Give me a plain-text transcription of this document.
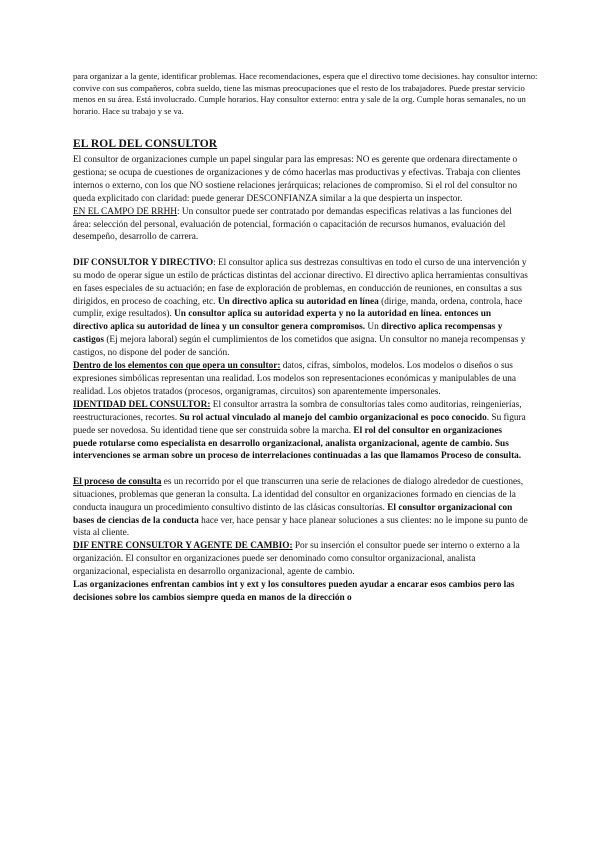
para organizar a la gente, identificar problemas. Hace recomendaciones, espera que el directivo tome decisiones. hay consultor interno: convive con sus compañeros, cobra sueldo, tiene las mismas preocupaciones que el resto de los trabajadores. Puede prestar servicio menos en su área. Está involucrado. Cumple horarios. Hay consultor externo: entra y sale de la org. Cumple horas semanales, no un horario. Hace su trabajo y se va.
EL ROL DEL CONSULTOR

El consultor de organizaciones cumple un papel singular para las empresas: NO es gerente que ordenara directamente o gestiona; se ocupa de cuestiones de organizaciones y de cómo hacerlas mas productivas y efectivas. Trabaja con clientes internos o externo, con los que NO sostiene relaciones jerárquicas; relaciones de compromiso. Si el rol del consultor no queda explicitado con claridad: puede generar DESCONFIANZA similar a la que despierta un inspector.

EN EL CAMPO DE RRHH: Un consultor puede ser contratado por demandas especificas relativas a las funciones del área: selección del personal, evaluación de potencial, formación o capacitación de recursos humanos, evaluación del desempeño, desarrollo de carrera.

DIF CONSULTOR Y DIRECTIVO: El consultor aplica sus destrezas consultivas en todo el curso de una intervención y su modo de operar sigue un estilo de prácticas distintas del accionar directivo. El directivo aplica herramientas consultivas en fases especiales de su actuación; en fase de exploración de problemas, en conducción de reuniones, en consultas a sus dirigidos, en proceso de coaching, etc. Un directivo aplica su autoridad en línea (dirige, manda, ordena, controla, hace cumplir, exige resultados). Un consultor aplica su autoridad experta y no la autoridad en línea. entonces un directivo aplica su autoridad de línea y un consultor genera compromisos. Un directivo aplica recompensas y castigos (Ej mejora laboral) según el cumplimientos de los cometidos que asigna. Un consultor no maneja recompensas y castigos, no dispone del poder de sanción.

Dentro de los elementos con que opera un consultor: datos, cifras, símbolos, modelos. Los modelos o diseños o sus expresiones simbólicas representan una realidad. Los modelos son representaciones económicas y manipulables de una realidad. Los objetos tratados (procesos, organigramas, circuitos) son aparentemente impersonales.

IDENTIDAD DEL CONSULTOR: El consultor arrastra la sombra de consultorías tales como auditorias, reingenierías, reestructuraciones, recortes. Su rol actual vinculado al manejo del cambio organizacional es poco conocido. Su figura puede ser novedosa. Su identidad tiene que ser construida sobre la marcha. El rol del consultor en organizaciones puede rotularse como especialista en desarrollo organizacional, analista organizacional, agente de cambio. Sus intervenciones se arman sobre un proceso de interrelaciones continuadas a las que llamamos Proceso de consulta.

El proceso de consulta es un recorrido por el que transcurren una serie de relaciones de dialogo alrededor de cuestiones, situaciones, problemas que generan la consulta. La identidad del consultor en organizaciones formado en ciencias de la conducta inaugura un procedimiento consultivo distinto de las clásicas consultorías. El consultor organizacional con bases de ciencias de la conducta hace ver, hace pensar y hace planear soluciones a sus clientes: no le impone su punto de vista al cliente.

DIF ENTRE CONSULTOR Y AGENTE DE CAMBIO: Por su inserción el consultor puede ser interno o externo a la organización. El consultor en organizaciones puede ser denominado como consultor organizacional, analista organizacional, especialista en desarrollo organizacional, agente de cambio.

Las organizaciones enfrentan cambios int y ext y los consultores pueden ayudar a encarar esos cambios pero las decisiones sobre los cambios siempre queda en manos de la dirección o
